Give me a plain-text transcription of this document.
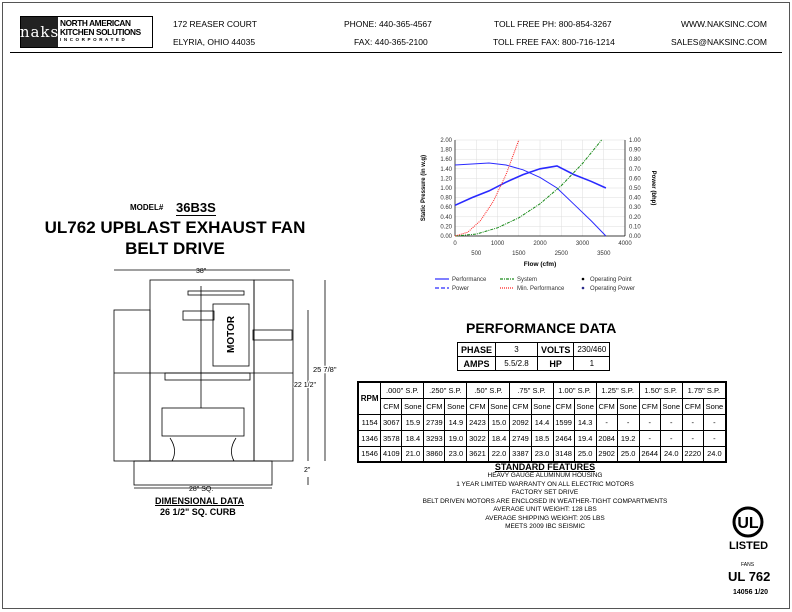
naks NORTH AMERICAN
KITCHEN SOLUTIONS
INCORPORATED
172 REASER COURT
ELYRIA, OHIO 44035
PHONE: 440-365-4567
FAX: 440-365-2100
TOLL FREE PH: 800-854-3267
TOLL FREE FAX: 800-716-1214
WWW.NAKSINC.COM
SALES@NAKSINC.COM
MODEL# 36B3S
UL762 UPBLAST EXHAUST FAN
BELT DRIVE
MOTOR
38"
25 7/8"
22 1/2"
2"
28" SQ.
DIMENSIONAL DATA
26 1/2" SQ. CURB
0.00
0.20
0.40
0.60
0.80
1.00
1.20
1.40
1.60
1.80
2.00
0.00
0.10
0.20
0.30
0.40
0.50
0.60
0.70
0.80
0.90
1.00
0
500
1000
1500
2000
2500
3000
3500
4000
Flow (cfm)
Static Pressure (in w.g)	Power (bhp)
Performance
Power
System
Min. Performance
Operating Point
Operating Power
PERFORMANCE DATA
PHASE	3	VOLTS	230/460
AMPS	5.5/2.8	HP	1
RPM	.000" S.P.		.250" S.P.		.50" S.P.		.75" S.P.		1.00" S.P.		1.25" S.P.		1.50" S.P.		1.75" S.P.	
	CFM	Sone	CFM	Sone	CFM	Sone	CFM	Sone	CFM	Sone	CFM	Sone	CFM	Sone	CFM	Sone
1154	3067	15.9	2739	14.9	2423	15.0	2092	14.4	1599	14.3	-	-	-	-	-	-
1346	3578	18.4	3293	19.0	3022	18.4	2749	18.5	2464	19.4	2084	19.2	-	-	-	-
1546	4109	21.0	3860	23.0	3621	22.0	3387	23.0	3148	25.0	2902	25.0	2644	24.0	2220	24.0
STANDARD FEATURES
HEAVY GAUGE ALUMINUM HOUSING
1 YEAR LIMITED WARRANTY ON ALL ELECTRIC MOTORS
FACTORY SET DRIVE
BELT DRIVEN MOTORS ARE ENCLOSED IN WEATHER-TIGHT COMPARTMENTS
AVERAGE UNIT WEIGHT: 128 LBS
AVERAGE SHIPPING WEIGHT: 205 LBS
MEETS 2009 IBC SEISMIC	UL
LISTED
FANS
UL 762
14056 1/20
